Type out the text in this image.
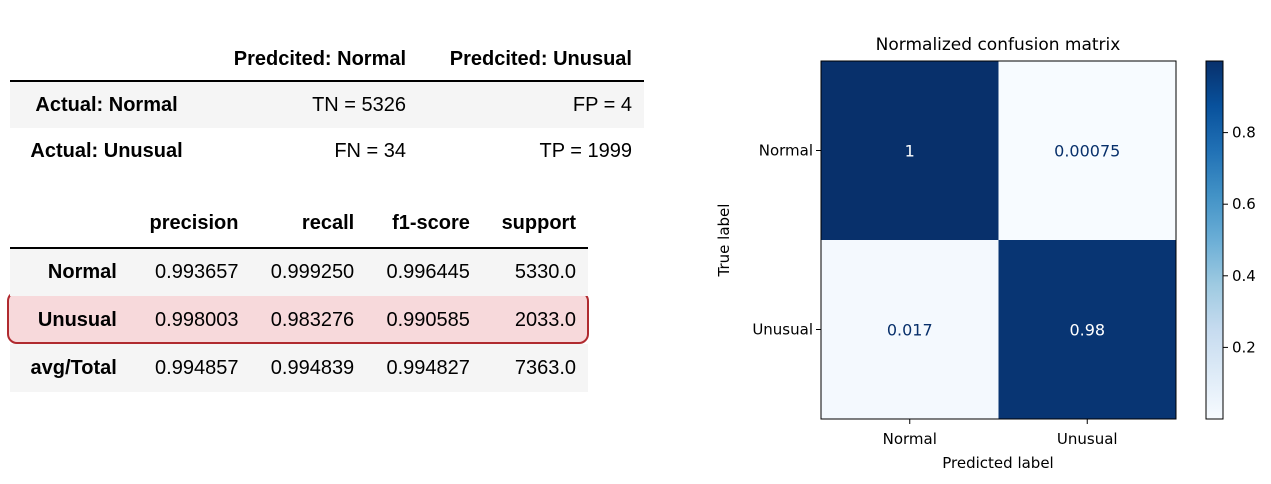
	Predcited: Normal	Predcited: Unusual
Actual: Normal	TN = 5326	FP = 4
Actual: Unusual	FN = 34	TP = 1999
	precision	recall	f1-score	support
Normal	0.993657	0.999250	0.996445	5330.0
Unusual	0.998003	0.983276	0.990585	2033.0
avg/Total	0.994857	0.994839	0.994827	7363.0
Normalized confusion matrix
1	0.00075
0.017	0.98
Normal	Unusual
Normal
Unusual
Predicted label
True label
0.2
0.4
0.6
0.8
